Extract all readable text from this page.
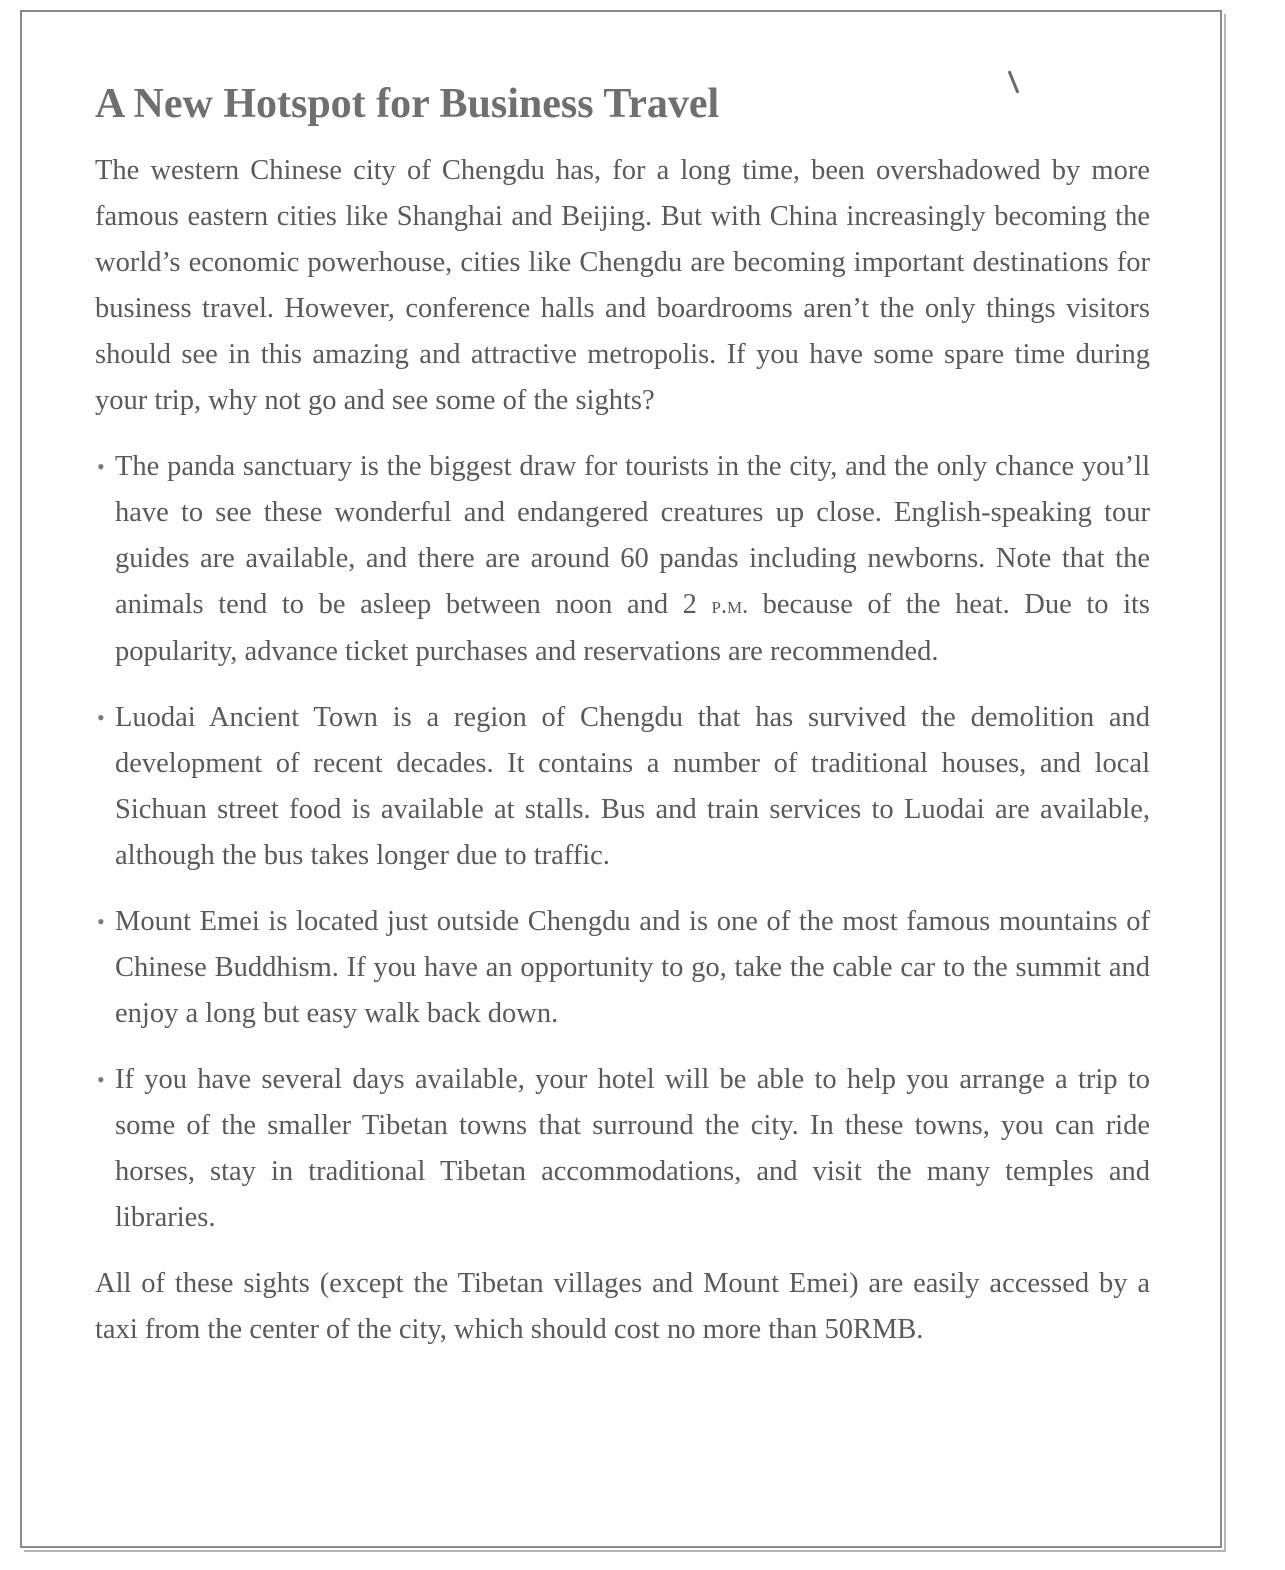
A New Hotspot for Business Travel

The western Chinese city of Chengdu has, for a long time, been overshadowed by more famous eastern cities like Shanghai and Beijing. But with China increasingly becoming the world’s economic powerhouse, cities like Chengdu are becoming important destinations for business travel. However, conference halls and boardrooms aren’t the only things visitors should see in this amazing and attractive metropolis. If you have some spare time during your trip, why not go and see some of the sights?

• The panda sanctuary is the biggest draw for tourists in the city, and the only chance you’ll have to see these wonderful and endangered creatures up close. English-speaking tour guides are available, and there are around 60 pandas including newborns. Note that the animals tend to be asleep between noon and 2 p.m. because of the heat. Due to its popularity, advance ticket purchases and reservations are recommended.
• Luodai Ancient Town is a region of Chengdu that has survived the demolition and development of recent decades. It contains a number of traditional houses, and local Sichuan street food is available at stalls. Bus and train services to Luodai are available, although the bus takes longer due to traffic.
• Mount Emei is located just outside Chengdu and is one of the most famous mountains of Chinese Buddhism. If you have an opportunity to go, take the cable car to the summit and enjoy a long but easy walk back down.
• If you have several days available, your hotel will be able to help you arrange a trip to some of the smaller Tibetan towns that surround the city. In these towns, you can ride horses, stay in traditional Tibetan accommodations, and visit the many temples and libraries.

All of these sights (except the Tibetan villages and Mount Emei) are easily accessed by a taxi from the center of the city, which should cost no more than 50RMB.
